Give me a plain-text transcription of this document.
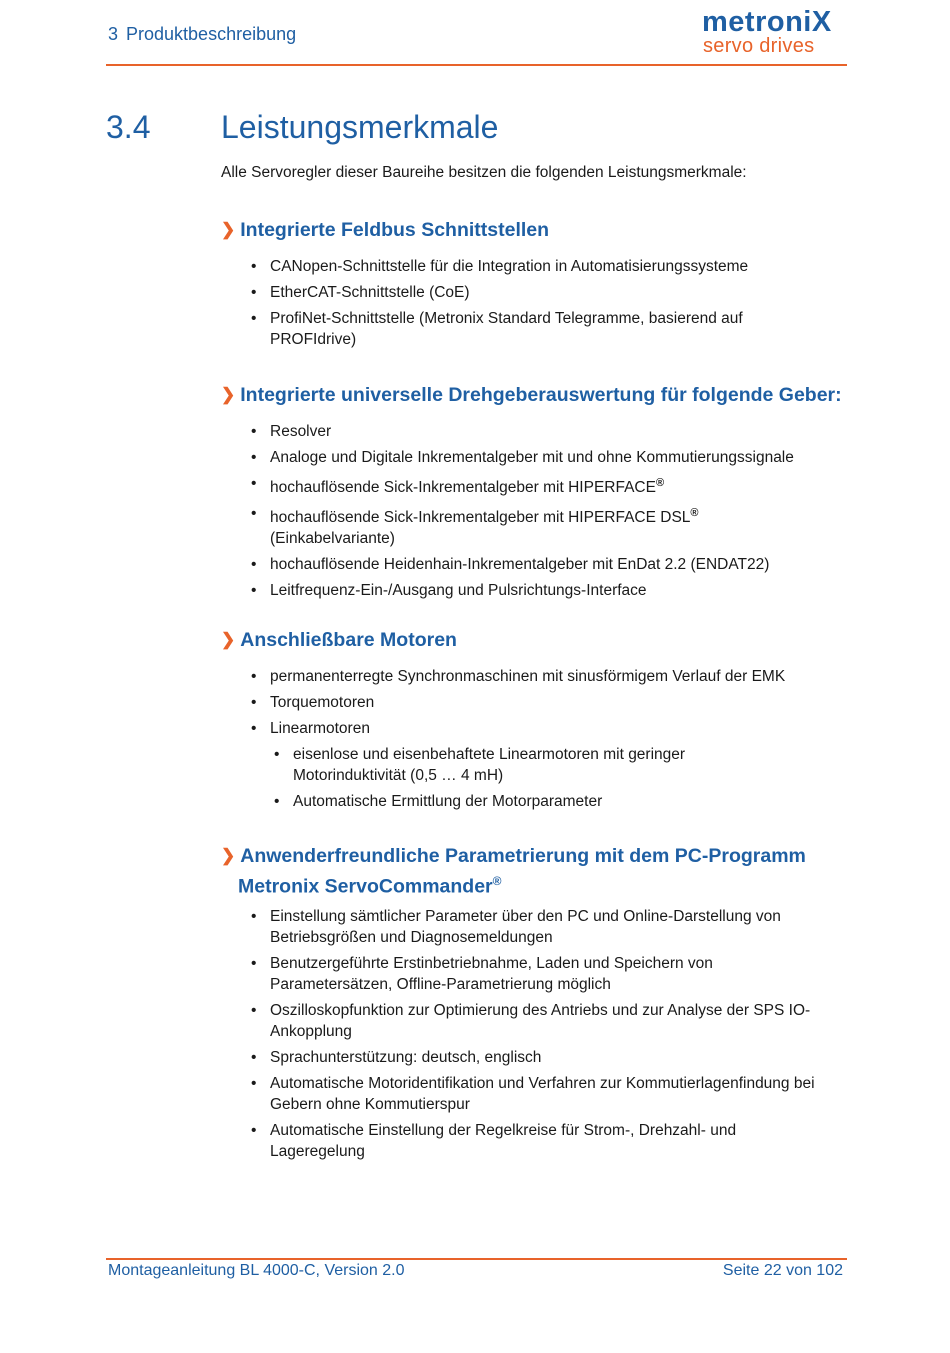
3 Produktbeschreibung	metroniX
servo drives
3.4 Leistungsmerkmale
Alle Servoregler dieser Baureihe besitzen die folgenden Leistungsmerkmale:
❯ Integrierte Feldbus Schnittstellen
• CANopen-Schnittstelle für die Integration in Automatisierungssysteme
• EtherCAT-Schnittstelle (CoE)
• ProfiNet-Schnittstelle (Metronix Standard Telegramme, basierend auf PROFIdrive)
❯ Integrierte universelle Drehgeberauswertung für folgende Geber:
• Resolver
• Analoge und Digitale Inkrementalgeber mit und ohne Kommutierungssignale
• hochauflösende Sick-Inkrementalgeber mit HIPERFACE®
• hochauflösende Sick-Inkrementalgeber mit HIPERFACE DSL®
(Einkabelvariante)
• hochauflösende Heidenhain-Inkrementalgeber mit EnDat 2.2 (ENDAT22)
• Leitfrequenz-Ein-/Ausgang und Pulsrichtungs-Interface
❯ Anschließbare Motoren
• permanenterregte Synchronmaschinen mit sinusförmigem Verlauf der EMK
• Torquemotoren
• Linearmotoren
• eisenlose und eisenbehaftete Linearmotoren mit geringer Motorinduktivität (0,5 … 4 mH)
• Automatische Ermittlung der Motorparameter
❯ Anwenderfreundliche Parametrierung mit dem PC-Programm
Metronix ServoCommander®
• Einstellung sämtlicher Parameter über den PC und Online-Darstellung von Betriebsgrößen und Diagnosemeldungen
• Benutzergeführte Erstinbetriebnahme, Laden und Speichern von Parametersätzen, Offline-Parametrierung möglich
• Oszilloskopfunktion zur Optimierung des Antriebs und zur Analyse der SPS IO-Ankopplung
• Sprachunterstützung: deutsch, englisch
• Automatische Motoridentifikation und Verfahren zur Kommutierlagenfindung bei Gebern ohne Kommutierspur
• Automatische Einstellung der Regelkreise für Strom-, Drehzahl- und Lageregelung
Montageanleitung BL 4000-C, Version 2.0	Seite 22 von 102
